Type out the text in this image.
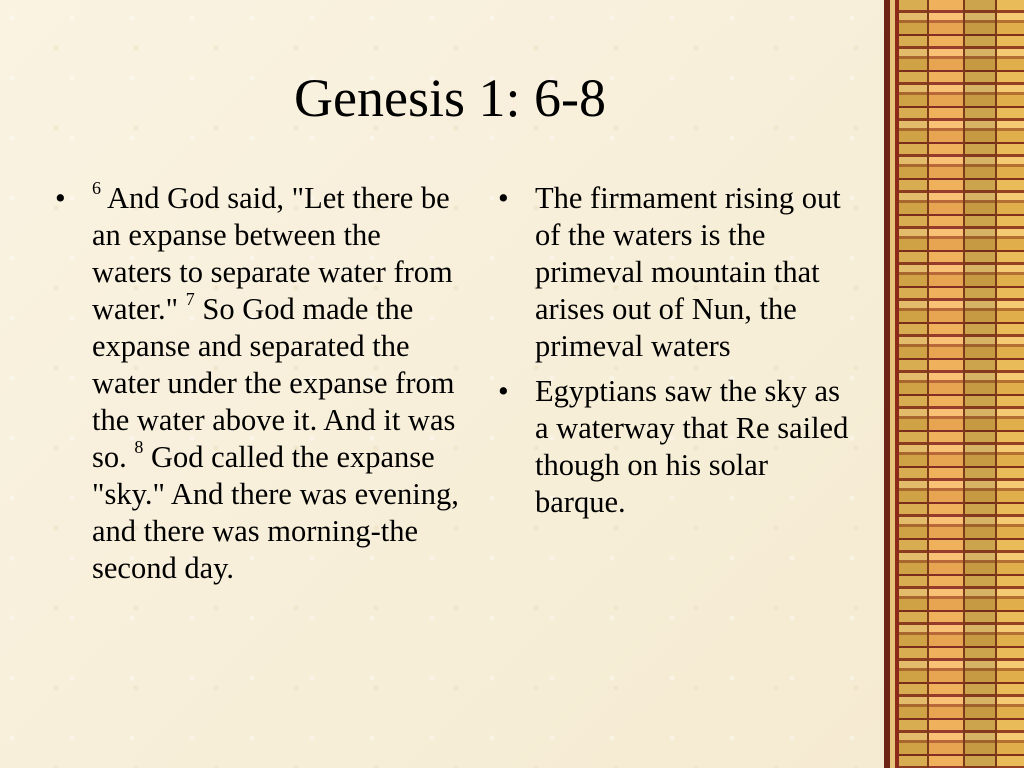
Genesis 1: 6-8
•	$^6$ And God said, "Let there be an expanse between the waters to separate water from water." $^7$ So God made the expanse and separated the water under the expanse from the water above it. And it was so. $^8$ God called the expanse "sky." And there was evening, and there was morning-the second day.
• The firmament rising out of the waters is the primeval mountain that arises out of Nun, the primeval waters
• Egyptians saw the sky as a waterway that Re sailed though on his solar barque.
